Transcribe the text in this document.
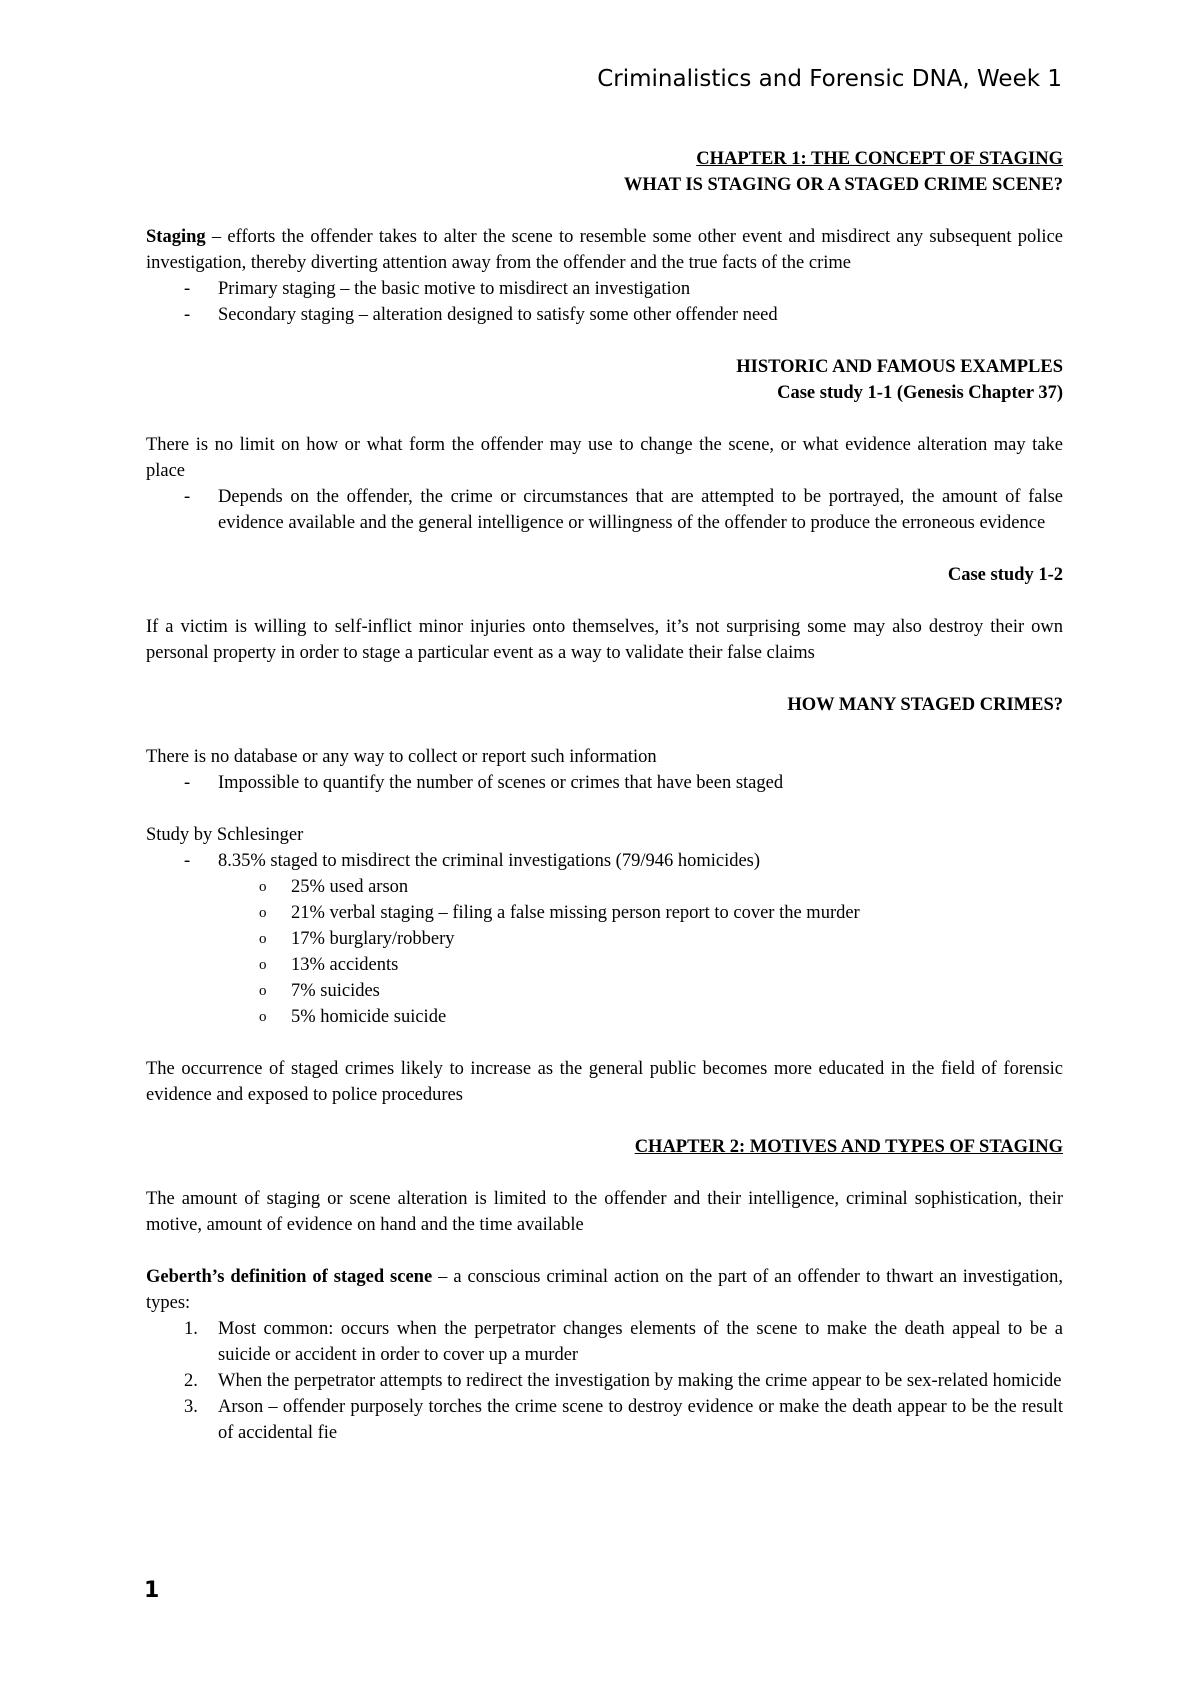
Criminalistics and Forensic DNA, Week 1

CHAPTER 1: THE CONCEPT OF STAGING

WHAT IS STAGING OR A STAGED CRIME SCENE?

Staging – efforts the offender takes to alter the scene to resemble some other event and misdirect any subsequent police investigation, thereby diverting attention away from the offender and the true facts of the crime

- Primary staging – the basic motive to misdirect an investigation
- Secondary staging – alteration designed to satisfy some other offender need

HISTORIC AND FAMOUS EXAMPLES

Case study 1-1 (Genesis Chapter 37)

There is no limit on how or what form the offender may use to change the scene, or what evidence alteration may take place

- Depends on the offender, the crime or circumstances that are attempted to be portrayed, the amount of false evidence available and the general intelligence or willingness of the offender to produce the erroneous evidence

Case study 1-2

If a victim is willing to self-inflict minor injuries onto themselves, it’s not surprising some may also destroy their own personal property in order to stage a particular event as a way to validate their false claims

HOW MANY STAGED CRIMES?

There is no database or any way to collect or report such information

- Impossible to quantify the number of scenes or crimes that have been staged

Study by Schlesinger

- 8.35% staged to misdirect the criminal investigations (79/946 homicides)
o 25% used arson
o 21% verbal staging – filing a false missing person report to cover the murder
o 17% burglary/robbery
o 13% accidents
o 7% suicides
o 5% homicide suicide

The occurrence of staged crimes likely to increase as the general public becomes more educated in the field of forensic evidence and exposed to police procedures

CHAPTER 2: MOTIVES AND TYPES OF STAGING

The amount of staging or scene alteration is limited to the offender and their intelligence, criminal sophistication, their motive, amount of evidence on hand and the time available

Geberth’s definition of staged scene – a conscious criminal action on the part of an offender to thwart an investigation, types:

1. Most common: occurs when the perpetrator changes elements of the scene to make the death appeal to be a suicide or accident in order to cover up a murder
2. When the perpetrator attempts to redirect the investigation by making the crime appear to be sex-related homicide
3. Arson – offender purposely torches the crime scene to destroy evidence or make the death appear to be the result of accidental fie
1
